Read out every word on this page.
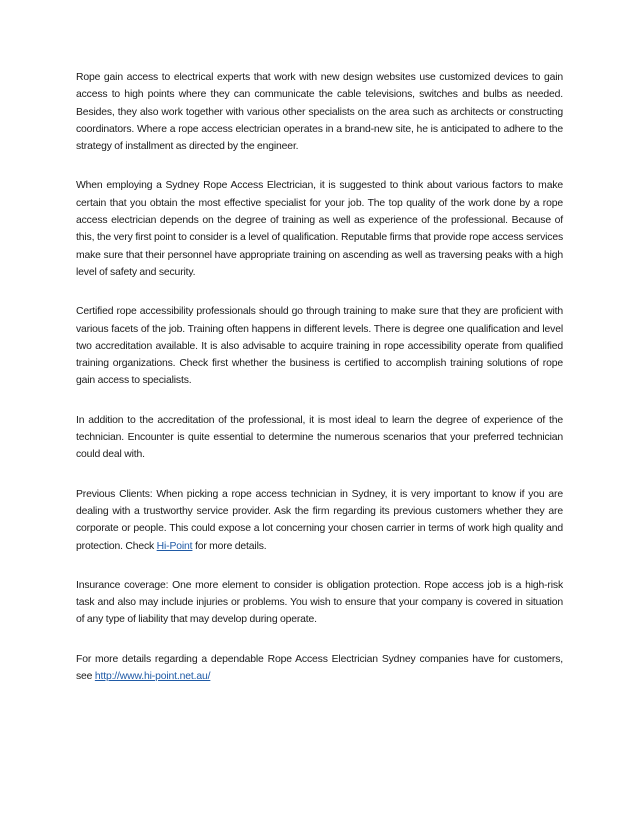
Rope gain access to electrical experts that work with new design websites use customized devices to gain access to high points where they can communicate the cable televisions, switches and bulbs as needed. Besides, they also work together with various other specialists on the area such as architects or constructing coordinators. Where a rope access electrician operates in a brand-new site, he is anticipated to adhere to the strategy of installment as directed by the engineer.

When employing a Sydney Rope Access Electrician, it is suggested to think about various factors to make certain that you obtain the most effective specialist for your job. The top quality of the work done by a rope access electrician depends on the degree of training as well as experience of the professional. Because of this, the very first point to consider is a level of qualification. Reputable firms that provide rope access services make sure that their personnel have appropriate training on ascending as well as traversing peaks with a high level of safety and security.

Certified rope accessibility professionals should go through training to make sure that they are proficient with various facets of the job. Training often happens in different levels. There is degree one qualification and level two accreditation available. It is also advisable to acquire training in rope accessibility operate from qualified training organizations. Check first whether the business is certified to accomplish training solutions of rope gain access to specialists.

In addition to the accreditation of the professional, it is most ideal to learn the degree of experience of the technician. Encounter is quite essential to determine the numerous scenarios that your preferred technician could deal with.

Previous Clients: When picking a rope access technician in Sydney, it is very important to know if you are dealing with a trustworthy service provider. Ask the firm regarding its previous customers whether they are corporate or people. This could expose a lot concerning your chosen carrier in terms of work high quality and protection. Check Hi-Point for more details.

Insurance coverage: One more element to consider is obligation protection. Rope access job is a high-risk task and also may include injuries or problems. You wish to ensure that your company is covered in situation of any type of liability that may develop during operate.

For more details regarding a dependable Rope Access Electrician Sydney companies have for customers, see http://www.hi-point.net.au/
